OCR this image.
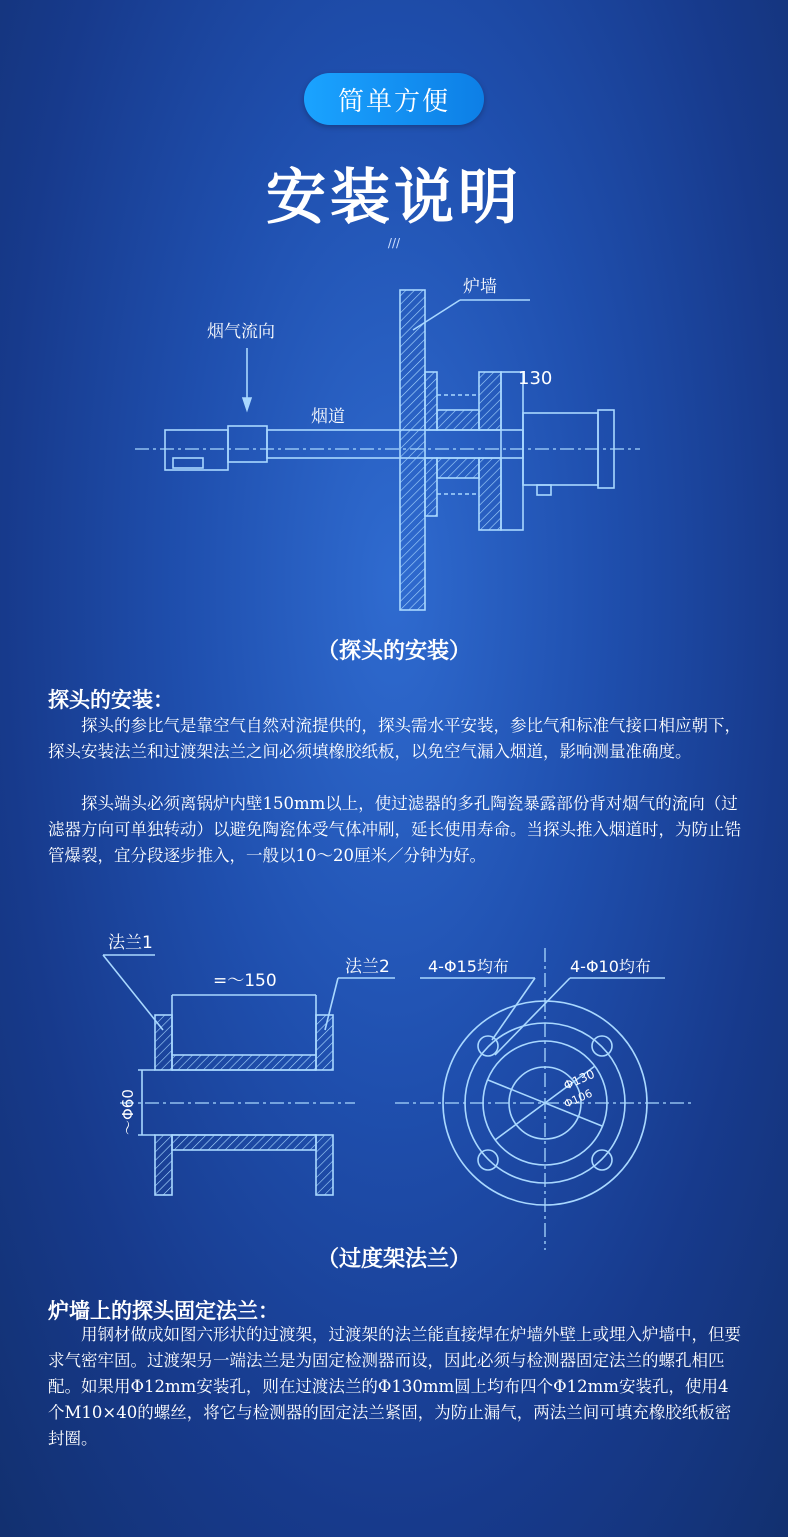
简单方便
安装说明
///
炉墙
烟气流向
烟道
130
（探头的安装）
探头的安装：

探头的参比气是靠空气自然对流提供的，探头需水平安装，参比气和标准气接口相应朝下，探头安装法兰和过渡架法兰之间必须填橡胶纸板，以免空气漏入烟道，影响测量准确度。

探头端头必须离锅炉内壁150mm以上，使过滤器的多孔陶瓷暴露部份背对烟气的流向（过滤器方向可单独转动）以避免陶瓷体受气体冲刷，延长使用寿命。当探头推入烟道时，为防止锆管爆裂，宜分段逐步推入，一般以10～20厘米／分钟为好。

法兰1
法兰2
=～150
～Φ60
4-Φ15均布	4-Φ10均布
Φ130
Φ106
（过度架法兰）
炉墙上的探头固定法兰：

用钢材做成如图六形状的过渡架，过渡架的法兰能直接焊在炉墙外壁上或埋入炉墙中，但要求气密牢固。过渡架另一端法兰是为固定检测器而设，因此必须与检测器固定法兰的螺孔相匹配。如果用Φ12mm安装孔，则在过渡法兰的Φ130mm圆上均布四个Φ12mm安装孔，使用4个M10×40的螺丝，将它与检测器的固定法兰紧固，为防止漏气，两法兰间可填充橡胶纸板密封圈。
